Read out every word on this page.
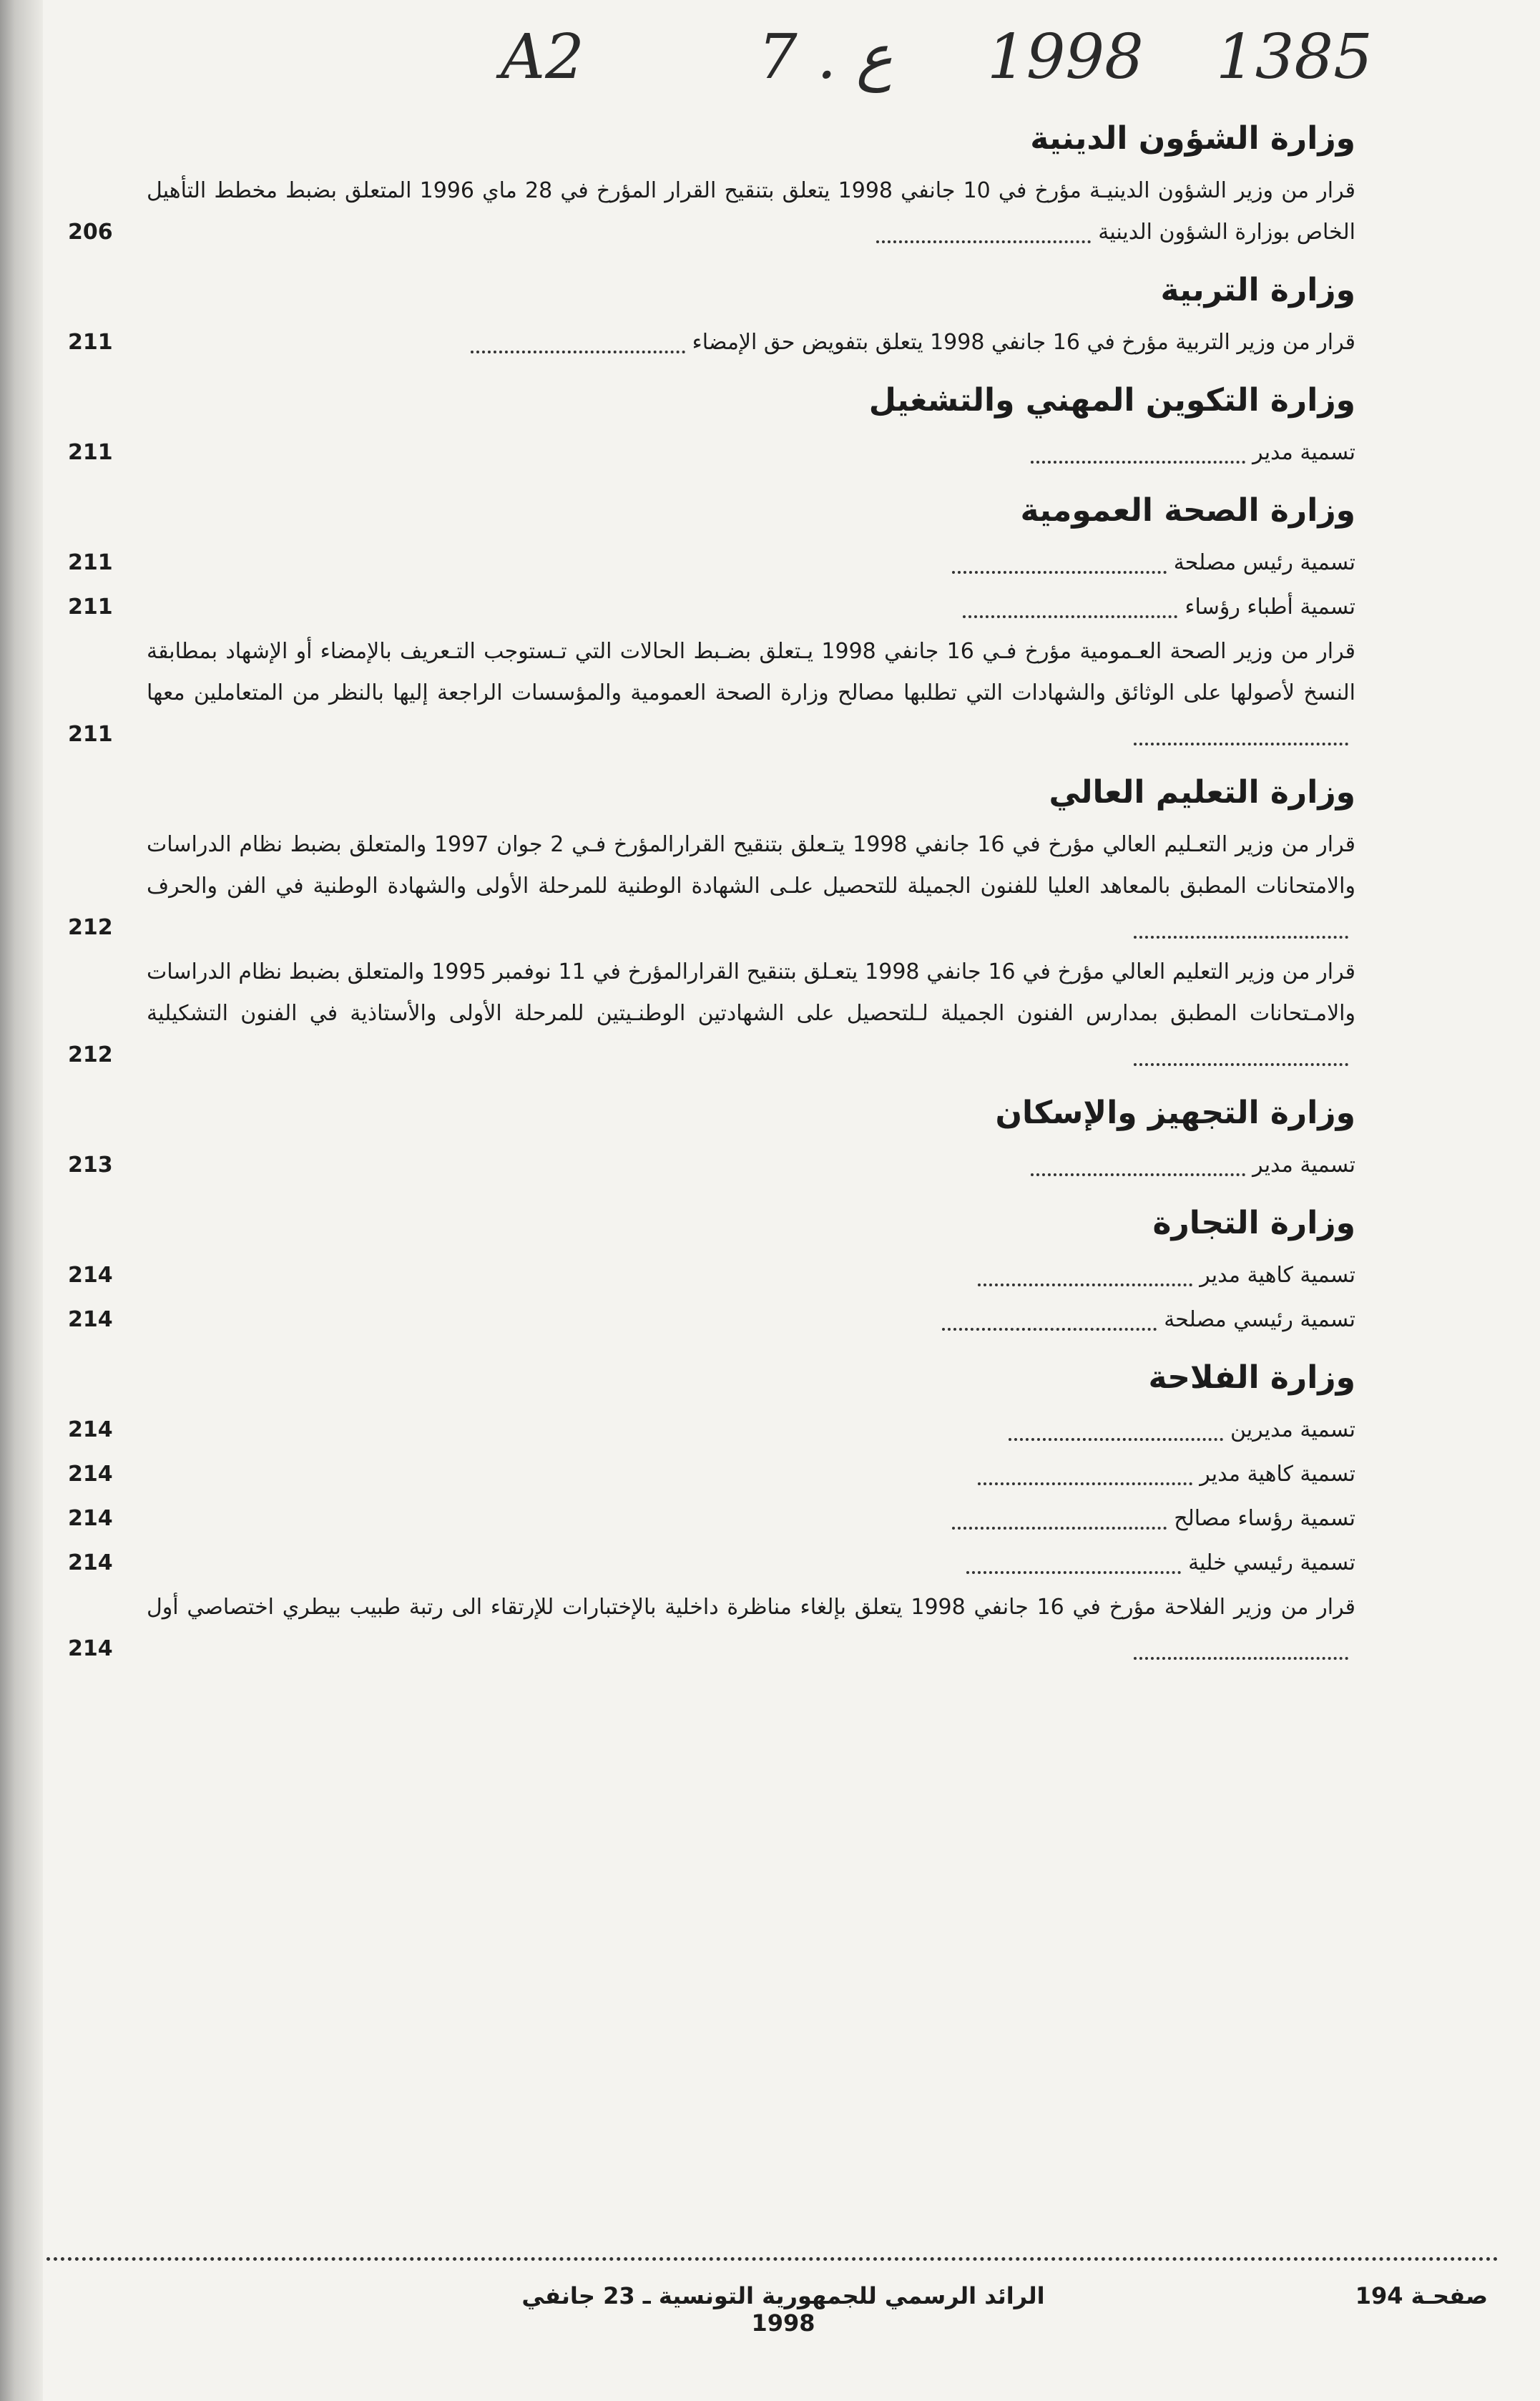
A2	7 . ع 1998 1385
وزارة الشؤون الدينية
قرار من وزير الشؤون الدينيـة مؤرخ في 10 جانفي 1998 يتعلق بتنقيح القرار المؤرخ في 28 ماي 1996 المتعلق بضبط مخطط التأهيل الخاص بوزارة الشؤون الدينية
206
وزارة التربية
قرار من وزير التربية مؤرخ في 16 جانفي 1998 يتعلق بتفويض حق الإمضاء
211
وزارة التكوين المهني والتشغيل
تسمية مدير
211
وزارة الصحة العمومية
تسمية رئيس مصلحة
211
تسمية أطباء رؤساء
211
قرار من وزير الصحة العـمومية مؤرخ فـي 16 جانفي 1998 يـتعلق بضـبط الحالات التي تـستوجب التـعريف بالإمضاء أو الإشهاد بمطابقة النسخ لأصولها على الوثائق والشهادات التي تطلبها مصالح وزارة الصحة العمومية والمؤسسات الراجعة إليها بالنظر من المتعاملين معها
211
وزارة التعليم العالي
قرار من وزير التعـليم العالي مؤرخ في 16 جانفي 1998 يتـعلق بتنقيح القرارالمؤرخ فـي 2 جوان 1997 والمتعلق بضبط نظام الدراسات والامتحانات المطبق بالمعاهد العليا للفنون الجميلة للتحصيل علـى الشهادة الوطنية للمرحلة الأولى والشهادة الوطنية في الفن والحرف
212
قرار من وزير التعليم العالي مؤرخ في 16 جانفي 1998 يتعـلق بتنقيح القرارالمؤرخ في 11 نوفمبر 1995 والمتعلق بضبط نظام الدراسات والامـتحانات المطبق بمدارس الفنون الجميلة لـلتحصيل على الشهادتين الوطنـيتين للمرحلة الأولى والأستاذية في الفنون التشكيلية
212
وزارة التجهيز والإسكان
تسمية مدير
213
وزارة التجارة
تسمية كاهية مدير
214
تسمية رئيسي مصلحة
214
وزارة الفلاحة
تسمية مديرين
214
تسمية كاهية مدير
214
تسمية رؤساء مصالح
214
تسمية رئيسي خلية
214
قرار من وزير الفلاحة مؤرخ في 16 جانفي 1998 يتعلق بإلغاء مناظرة داخلية بالإختبارات للإرتقاء الى رتبة طبيب بيطري اختصاصي أول
214
صفحـة 194
الرائد الرسمي للجمهورية التونسية ـ 23 جانفي 1998
